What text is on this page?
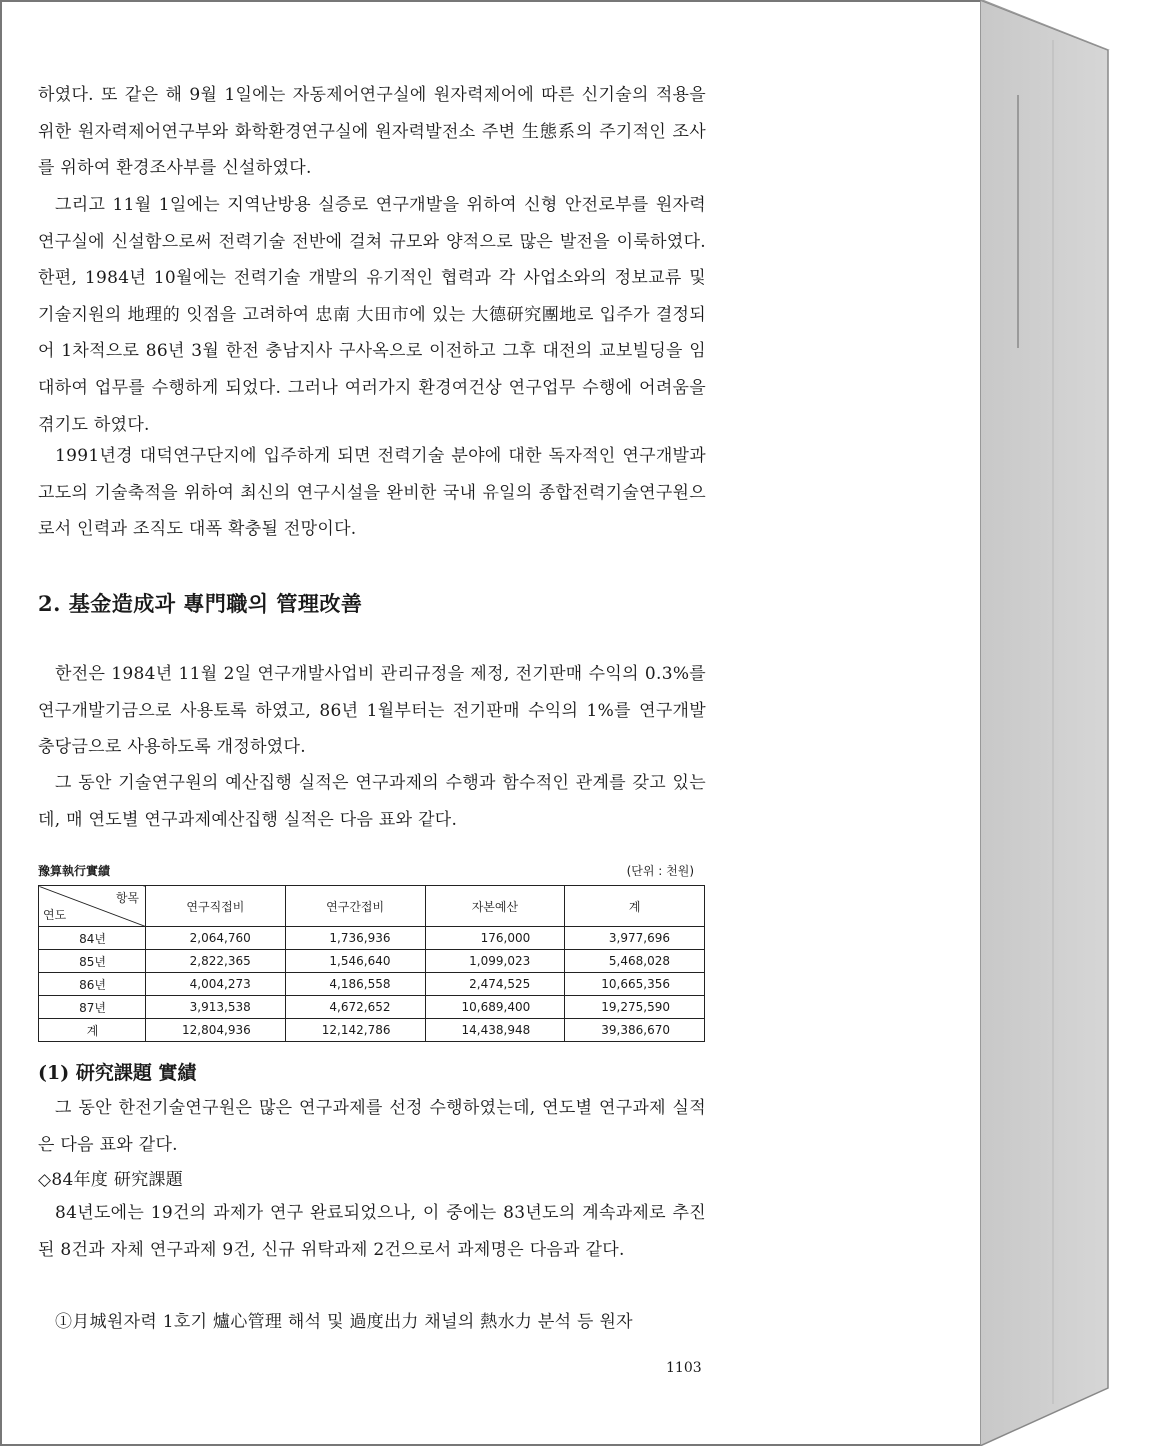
하였다. 또 같은 해 9월 1일에는 자동제어연구실에 원자력제어에 따른 신기술의 적용을 위한 원자력제어연구부와 화학환경연구실에 원자력발전소 주변 生態系의 주기적인 조사를 위하여 환경조사부를 신설하였다.

그리고 11월 1일에는 지역난방용 실증로 연구개발을 위하여 신형 안전로부를 원자력연구실에 신설함으로써 전력기술 전반에 걸쳐 규모와 양적으로 많은 발전을 이룩하였다. 한편, 1984년 10월에는 전력기술 개발의 유기적인 협력과 각 사업소와의 정보교류 및 기술지원의 地理的 잇점을 고려하여 忠南 大田市에 있는 大德研究團地로 입주가 결정되어 1차적으로 86년 3월 한전 충남지사 구사옥으로 이전하고 그후 대전의 교보빌딩을 임대하여 업무를 수행하게 되었다. 그러나 여러가지 환경여건상 연구업무 수행에 어려움을 겪기도 하였다.

1991년경 대덕연구단지에 입주하게 되면 전력기술 분야에 대한 독자적인 연구개발과 고도의 기술축적을 위하여 최신의 연구시설을 완비한 국내 유일의 종합전력기술연구원으로서 인력과 조직도 대폭 확충될 전망이다.

2. 基金造成과 專門職의 管理改善

한전은 1984년 11월 2일 연구개발사업비 관리규정을 제정, 전기판매 수익의 0.3%를 연구개발기금으로 사용토록 하였고, 86년 1월부터는 전기판매 수익의 1%를 연구개발 충당금으로 사용하도록 개정하였다.

그 동안 기술연구원의 예산집행 실적은 연구과제의 수행과 함수적인 관계를 갖고 있는데, 매 연도별 연구과제예산집행 실적은 다음 표와 같다.

豫算執行實績	(단위 : 천원)
항목
연도	연구직접비	연구간접비	자본예산	계
84년	2,064,760	1,736,936	176,000	3,977,696
85년	2,822,365	1,546,640	1,099,023	5,468,028
86년	4,004,273	4,186,558	2,474,525	10,665,356
87년	3,913,538	4,672,652	10,689,400	19,275,590
계	12,804,936	12,142,786	14,438,948	39,386,670
(1) 研究課題 實績

그 동안 한전기술연구원은 많은 연구과제를 선정 수행하였는데, 연도별 연구과제 실적은 다음 표와 같다.

◇84年度 研究課題

84년도에는 19건의 과제가 연구 완료되었으나, 이 중에는 83년도의 계속과제로 추진된 8건과 자체 연구과제 9건, 신규 위탁과제 2건으로서 과제명은 다음과 같다.

①月城원자력 1호기 爐心管理 해석 및 過度出力 채널의 熱水力 분석 등 원자

1103
